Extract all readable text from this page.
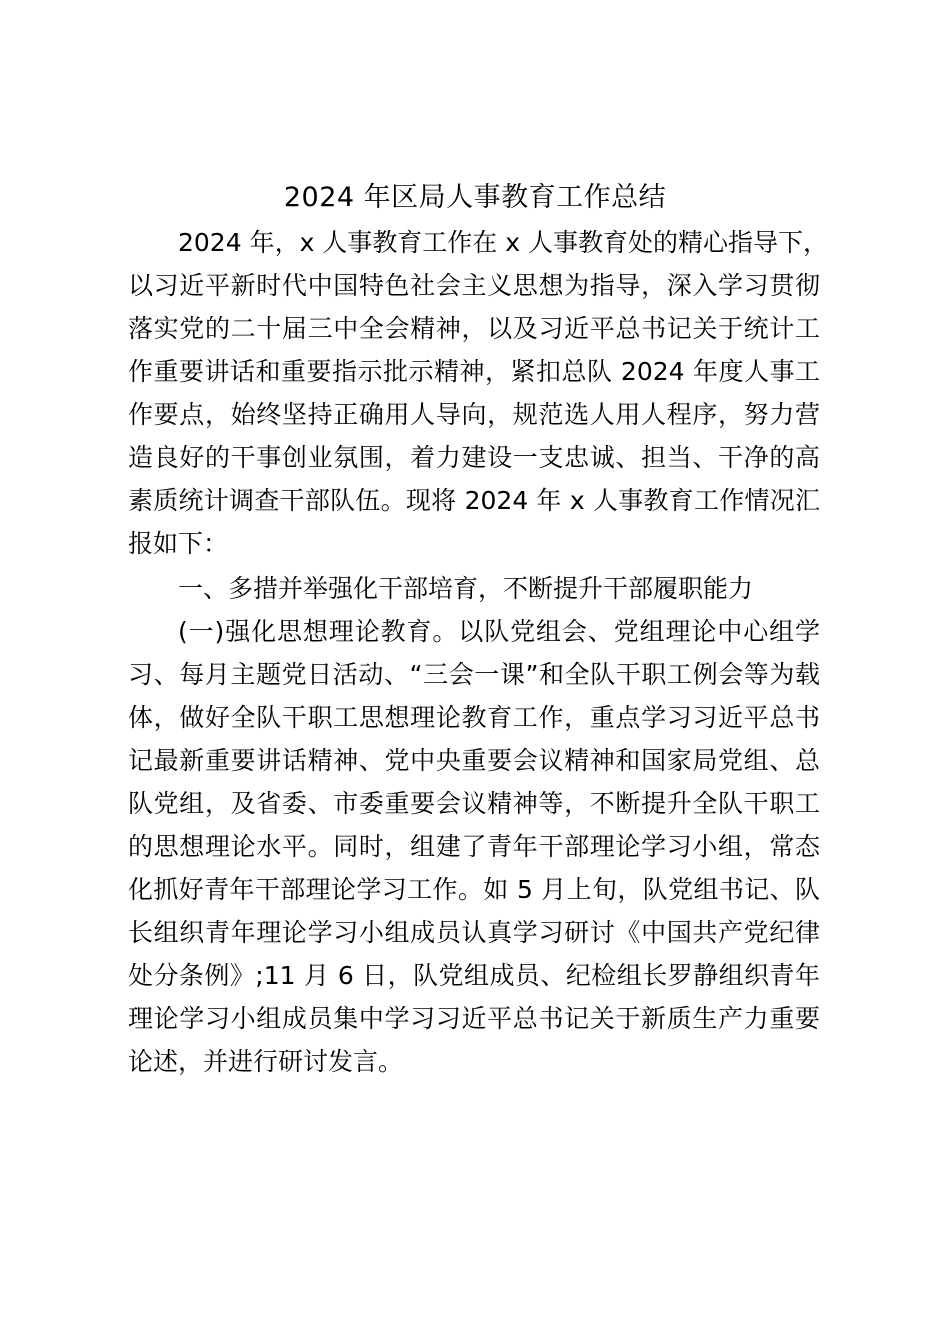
2024 年区局人事教育工作总结
2024 年，x 人事教育工作在 x 人事教育处的精心指导下，
以习近平新时代中国特色社会主义思想为指导，深入学习贯彻
落实党的二十届三中全会精神，以及习近平总书记关于统计工
作重要讲话和重要指示批示精神，紧扣总队 2024 年度人事工
作要点，始终坚持正确用人导向，规范选人用人程序，努力营
造良好的干事创业氛围，着力建设一支忠诚、担当、干净的高
素质统计调查干部队伍。现将 2024 年 x 人事教育工作情况汇
报如下：
一、多措并举强化干部培育，不断提升干部履职能力
(一)强化思想理论教育。以队党组会、党组理论中心组学
习、每月主题党日活动、“三会一课”和全队干职工例会等为载
体，做好全队干职工思想理论教育工作，重点学习习近平总书
记最新重要讲话精神、党中央重要会议精神和国家局党组、总
队党组，及省委、市委重要会议精神等，不断提升全队干职工
的思想理论水平。同时，组建了青年干部理论学习小组，常态
化抓好青年干部理论学习工作。如 5 月上旬，队党组书记、队
长组织青年理论学习小组成员认真学习研讨《中国共产党纪律
处分条例》;11 月 6 日，队党组成员、纪检组长罗静组织青年
理论学习小组成员集中学习习近平总书记关于新质生产力重要
论述，并进行研讨发言。
